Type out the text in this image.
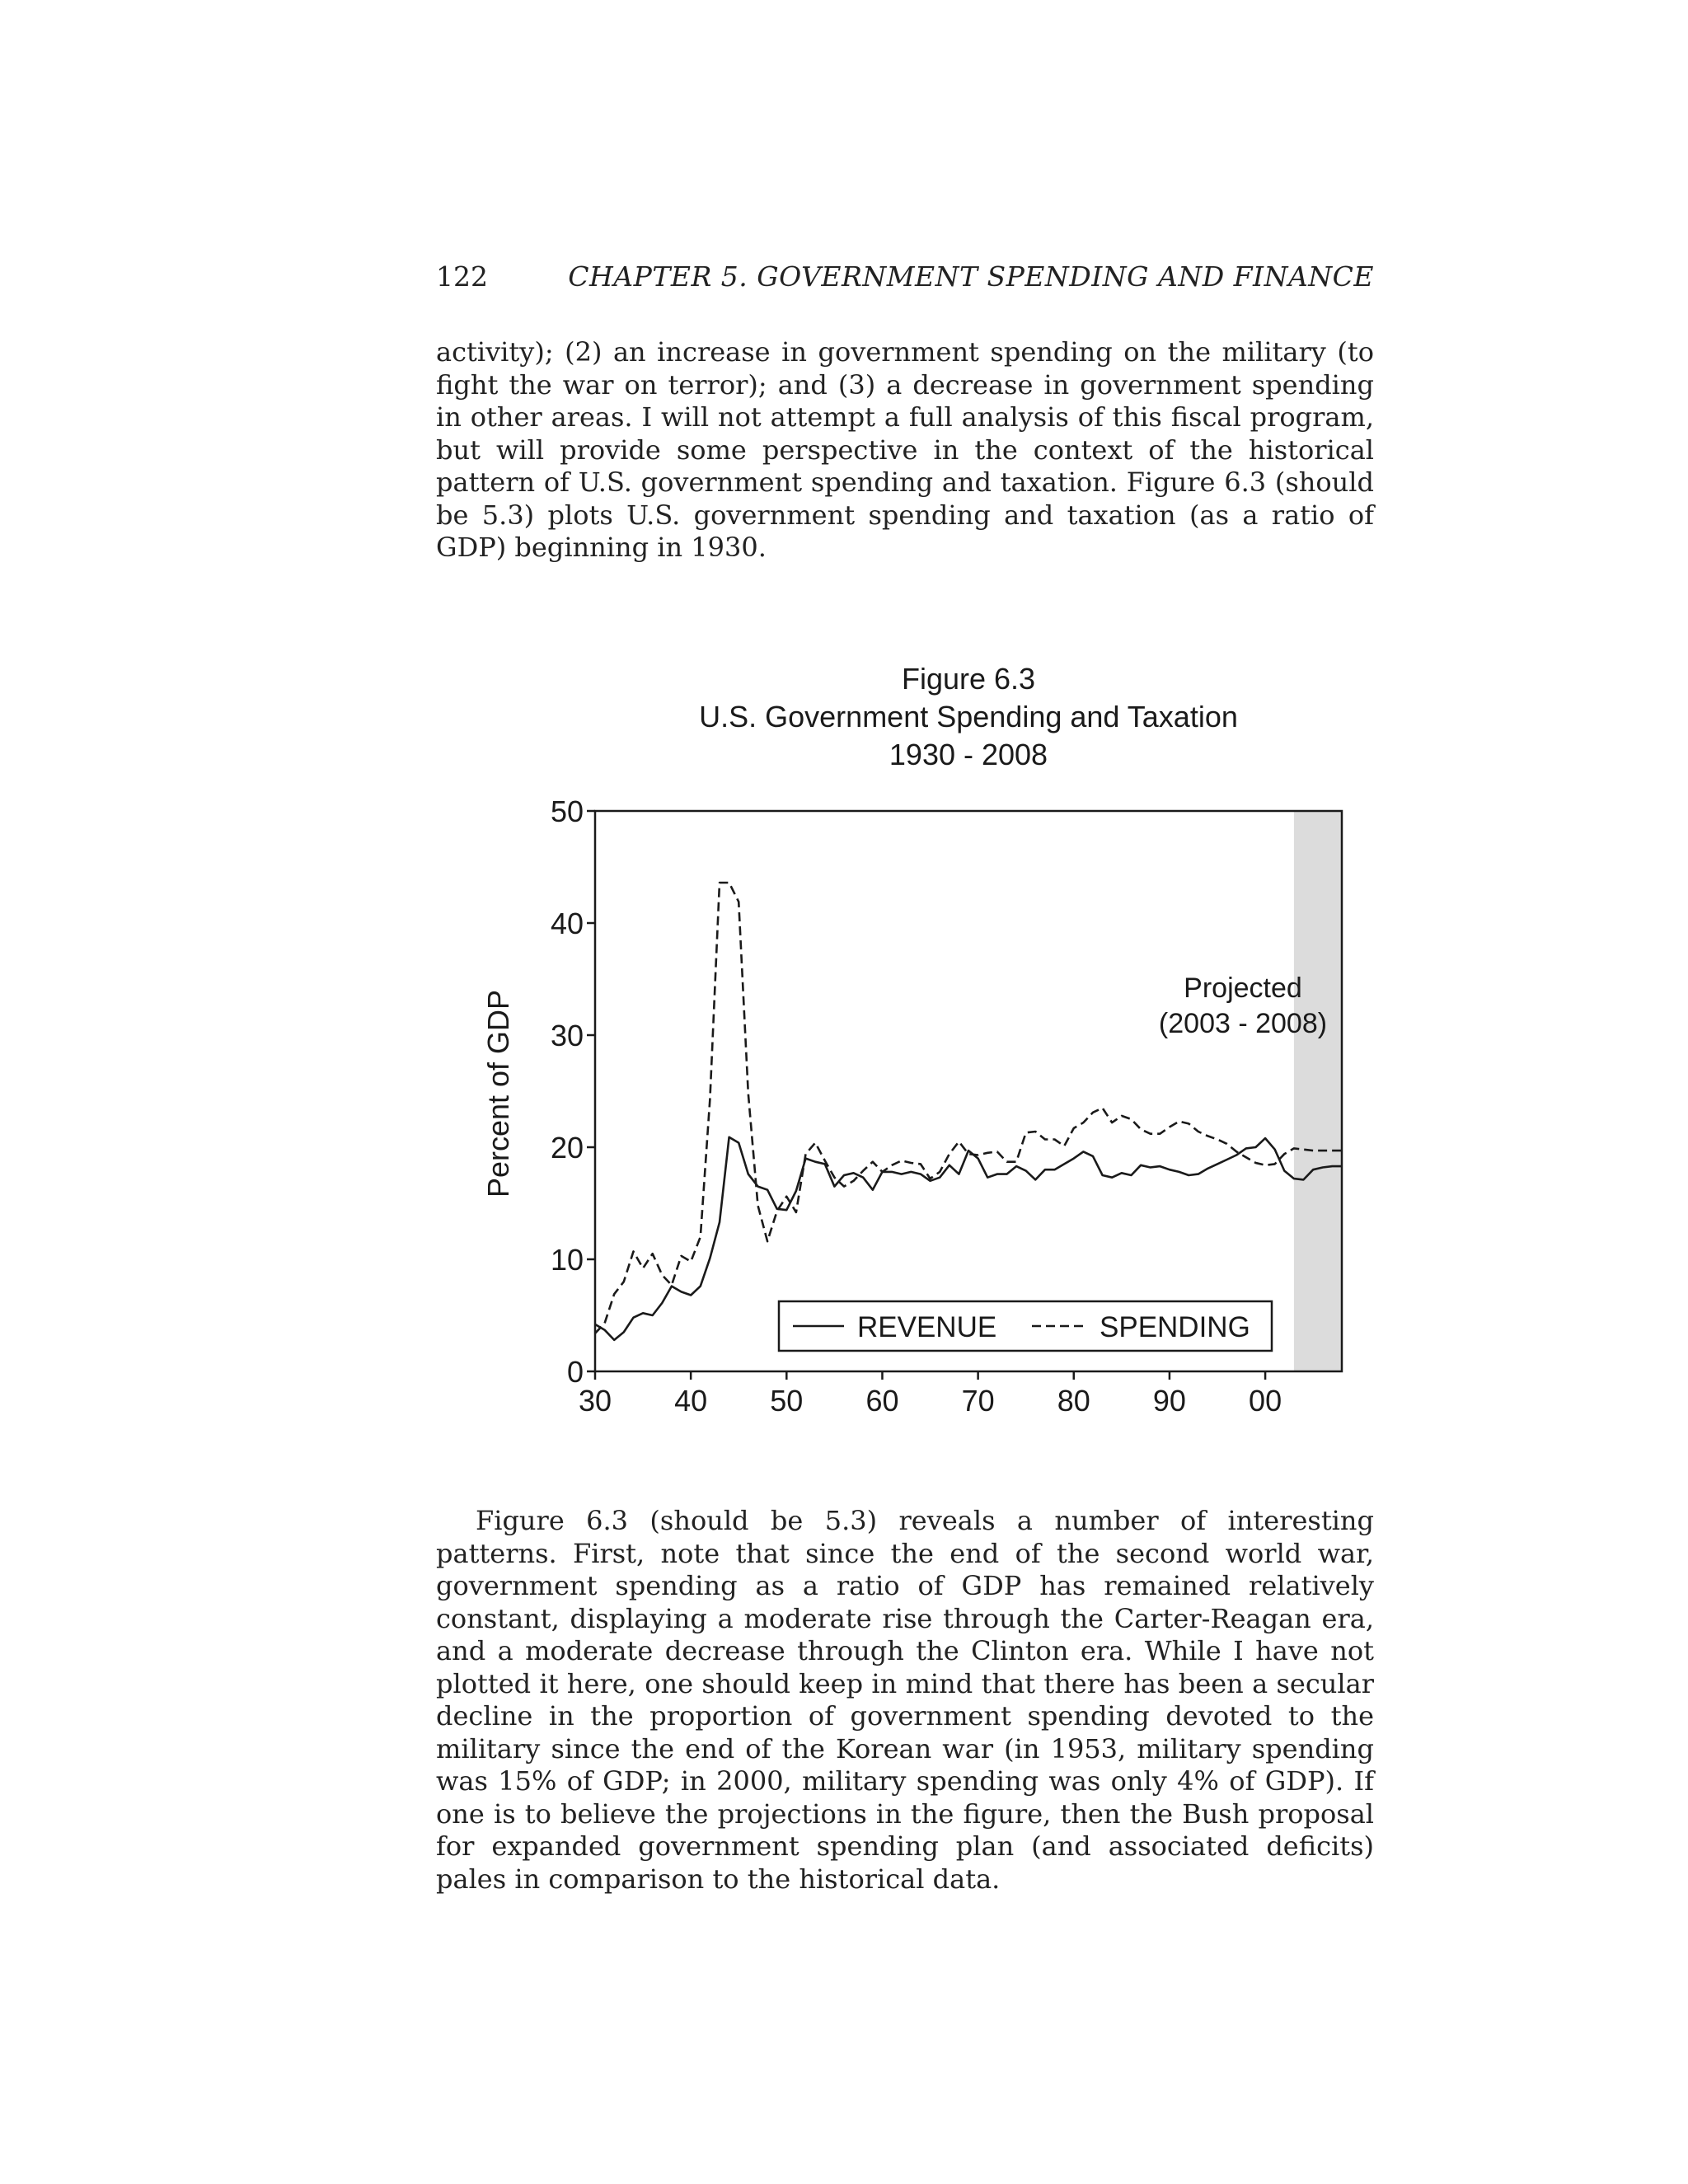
122	CHAPTER 5. GOVERNMENT SPENDING AND FINANCE

activity); (2) an increase in government spending on the military (to fight the war on terror); and (3) a decrease in government spending in other areas. I will not attempt a full analysis of this fiscal program, but will provide some perspective in the context of the historical pattern of U.S. government spending and taxation. Figure 6.3 (should be 5.3) plots U.S. government spending and taxation (as a ratio of GDP) beginning in 1930.

Figure 6.3
U.S. Government Spending and Taxation
1930 - 2008
Percent of GDP
0
10
20
30
40
50
30 40 50 60 70 80 90 00
Projected
(2003 - 2008)
REVENUE	SPENDING

Figure 6.3 (should be 5.3) reveals a number of interesting patterns. First, note that since the end of the second world war, government spending as a ratio of GDP has remained relatively constant, displaying a moderate rise through the Carter-Reagan era, and a moderate decrease through the Clinton era. While I have not plotted it here, one should keep in mind that there has been a secular decline in the proportion of government spending devoted to the military since the end of the Korean war (in 1953, military spending was 15% of GDP; in 2000, military spending was only 4% of GDP). If one is to believe the projections in the figure, then the Bush proposal for expanded government spending plan (and associated deficits) pales in comparison to the historical data.
